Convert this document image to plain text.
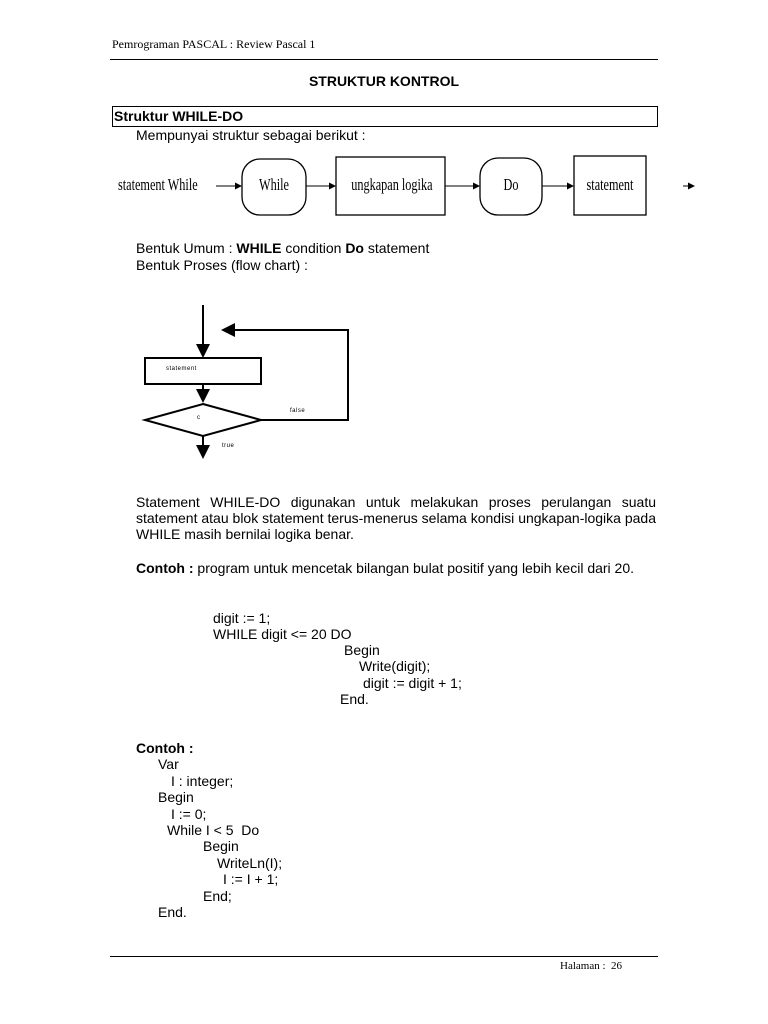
Pemrograman PASCAL : Review Pascal 1
STRUKTUR KONTROL
Struktur WHILE-DO
Mempunyai struktur sebagai berikut :
statement While	While	ungkapan logika	Do	statement
Bentuk Umum : WHILE condition Do statement
Bentuk Proses (flow chart) :
statement
c
false
true
Statement WHILE-DO digunakan untuk melakukan proses perulangan suatu statement atau blok statement terus-menerus selama kondisi ungkapan-logika pada WHILE masih bernilai logika benar.
Contoh : program untuk mencetak bilangan bulat positif yang lebih kecil dari 20.
digit := 1;
WHILE digit <= 20 DO
Begin
Write(digit);
digit := digit + 1;
End.
Contoh :
Var
I : integer;
Begin
I := 0;
While I < 5  Do
Begin
WriteLn(I);
I := I + 1;
End;
End.
Halaman :  26
